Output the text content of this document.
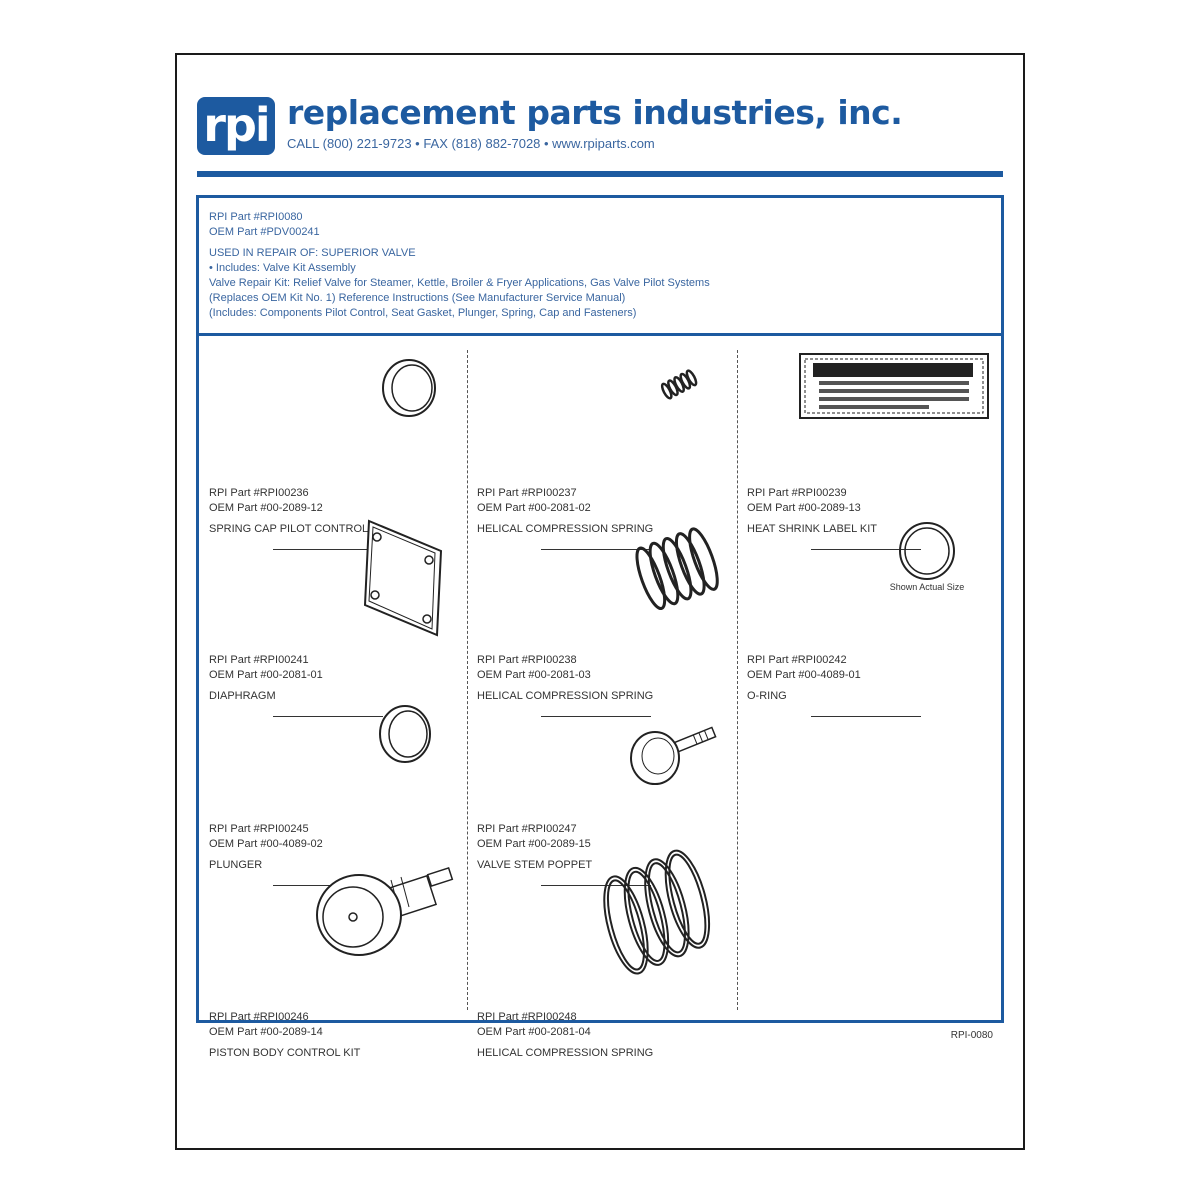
rpi replacement parts industries, inc.
CALL (800) 221-9723 • FAX (818) 882-7028 • www.rpiparts.com
RPI Part #RPI0080
OEM Part #PDV00241
USED IN REPAIR OF: SUPERIOR VALVE
• Includes: Valve Kit Assembly
Valve Repair Kit: Relief Valve for Steamer, Kettle, Broiler & Fryer Applications, Gas Valve Pilot Systems
(Replaces OEM Kit No. 1) Reference Instructions (See Manufacturer Service Manual)
(Includes: Components Pilot Control, Seat Gasket, Plunger, Spring, Cap and Fasteners)
RPI Part #RPI00236
OEM Part #00-2089-12
SPRING CAP PILOT CONTROL
RPI Part #RPI00241
OEM Part #00-2081-01
DIAPHRAGM
RPI Part #RPI00245
OEM Part #00-4089-02
PLUNGER
RPI Part #RPI00246
OEM Part #00-2089-14
PISTON BODY CONTROL KIT
RPI Part #RPI00237
OEM Part #00-2081-02
HELICAL COMPRESSION SPRING
RPI Part #RPI00238
OEM Part #00-2081-03
HELICAL COMPRESSION SPRING
RPI Part #RPI00247
OEM Part #00-2089-15
VALVE STEM POPPET
RPI Part #RPI00248
OEM Part #00-2081-04
HELICAL COMPRESSION SPRING
RPI Part #RPI00239
OEM Part #00-2089-13
HEAT SHRINK LABEL KIT
Shown Actual Size
RPI Part #RPI00242
OEM Part #00-4089-01
O-RING
RPI-0080
